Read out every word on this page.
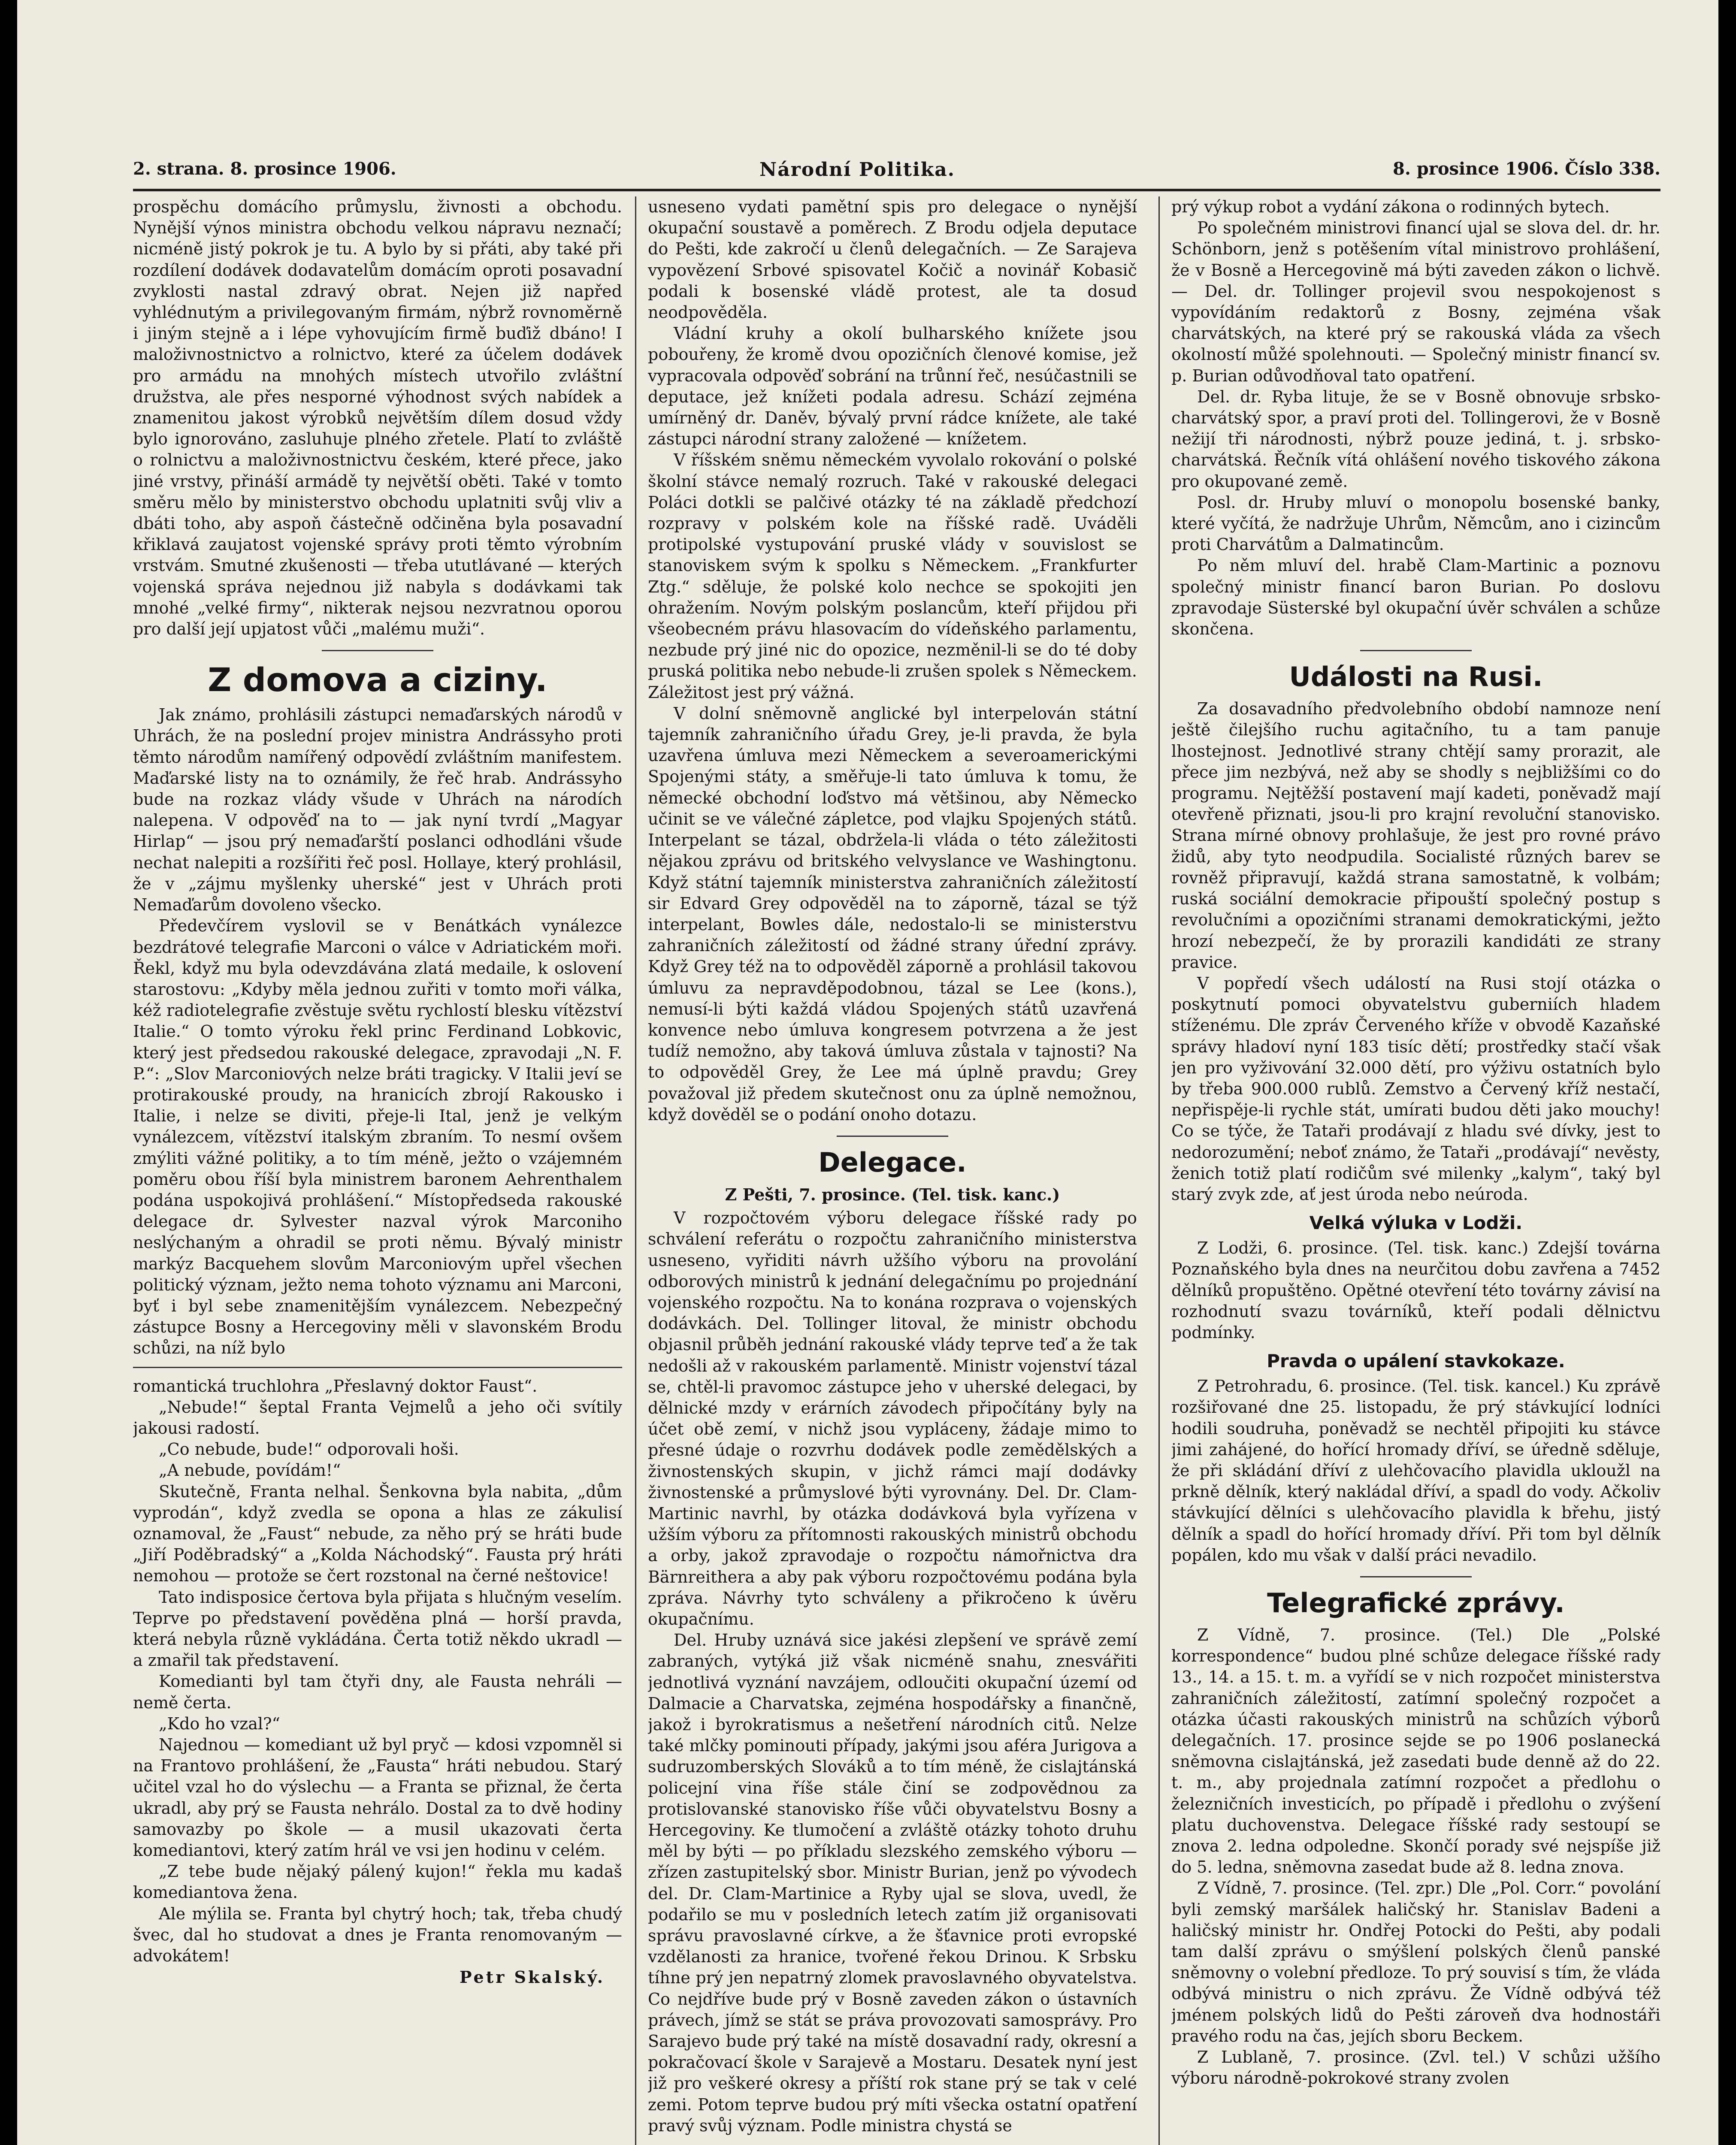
2. strana. 8. prosince 1906.	Národní Politika.	8. prosince 1906. Číslo 338.

prospěchu domácího průmyslu, živnosti a obchodu. Nynější výnos ministra obchodu velkou nápravu neznačí; nicméně jistý pokrok je tu. A bylo by si přáti, aby také při rozdílení dodávek dodavatelům domácím oproti posavadní zvyklosti nastal zdravý obrat. Nejen již napřed vyhlédnutým a privilegovaným firmám, nýbrž rovnoměrně i jiným stejně a i lépe vyhovujícím firmě buďiž dbáno! I maloživnostnictvo a rolnictvo, které za účelem dodávek pro armádu na mnohých místech utvořilo zvláštní družstva, ale přes nesporné výhodnost svých nabídek a znamenitou jakost výrobků největším dílem dosud vždy bylo ignorováno, zasluhuje plného zřetele. Platí to zvláště o rolnictvu a maloživnostnictvu českém, které přece, jako jiné vrstvy, přináší armádě ty největší oběti. Také v tomto směru mělo by ministerstvo obchodu uplatniti svůj vliv a dbáti toho, aby aspoň částečně odčiněna byla posavadní křiklavá zaujatost vojenské správy proti těmto výrobním vrstvám. Smutné zkušenosti — třeba ututlávané — kterých vojenská správa nejednou již nabyla s dodávkami tak mnohé „velké firmy“, nikterak nejsou nezvratnou oporou pro další její upjatost vůči „malému muži“.

Z domova a ciziny.

Jak známo, prohlásili zástupci nemaďarských národů v Uhrách, že na poslední projev ministra Andrássyho proti těmto národům namířený odpovědí zvláštním manifestem. Maďarské listy na to oznámily, že řeč hrab. Andrássyho bude na rozkaz vlády všude v Uhrách na národích nalepena. V odpověď na to — jak nyní tvrdí „Magyar Hirlap“ — jsou prý nemaďarští poslanci odhodláni všude nechat nalepiti a rozšířiti řeč posl. Hollaye, který prohlásil, že v „zájmu myšlenky uherské“ jest v Uhrách proti Nemaďarům dovoleno všecko.

Předevčírem vyslovil se v Benátkách vynálezce bezdrátové telegrafie Marconi o válce v Adriatickém moři. Řekl, když mu byla odevzdávána zlatá medaile, k oslovení starostovu: „Kdyby měla jednou zuřiti v tomto moři válka, kéž radiotelegrafie zvěstuje světu rychlostí blesku vítězství Italie.“ O tomto výroku řekl princ Ferdinand Lobkovic, který jest předsedou rakouské delegace, zpravodaji „N. F. P.“: „Slov Marconiových nelze bráti tragicky. V Italii jeví se protirakouské proudy, na hranicích zbrojí Rakousko i Italie, i nelze se diviti, přeje-li Ital, jenž je velkým vynálezcem, vítězství italským zbraním. To nesmí ovšem zmýliti vážné politiky, a to tím méně, ježto o vzájemném poměru obou říší byla ministrem baronem Aehrenthalem podána uspokojivá prohlášení.“ Místopředseda rakouské delegace dr. Sylvester nazval výrok Marconiho neslýchaným a ohradil se proti němu. Bývalý ministr markýz Bacquehem slovům Marconiovým upřel všechen politický význam, ježto nema tohoto významu ani Marconi, byť i byl sebe znamenitějším vynálezcem. Nebezpečný zástupce Bosny a Hercegoviny měli v slavonském Brodu schůzi, na níž bylo

romantická truchlohra „Přeslavný doktor Faust“.

„Nebude!“ šeptal Franta Vejmelů a jeho oči svítily jakousi radostí.

„Co nebude, bude!“ odporovali hoši.

„A nebude, povídám!“

Skutečně, Franta nelhal. Šenkovna byla nabita, „dům vyprodán“, když zvedla se opona a hlas ze zákulisí oznamoval, že „Faust“ nebude, za něho prý se hráti bude „Jiří Poděbradský“ a „Kolda Náchodský“. Fausta prý hráti nemohou — protože se čert rozstonal na černé neštovice!

Tato indisposice čertova byla přijata s hlučným veselím. Teprve po představení pověděna plná — horší pravda, která nebyla různě vykládána. Čerta totiž někdo ukradl — a zmařil tak představení.

Komedianti byl tam čtyři dny, ale Fausta nehráli — nemě čerta.

„Kdo ho vzal?“

Najednou — komediant už byl pryč — kdosi vzpomněl si na Frantovo prohlášení, že „Fausta“ hráti nebudou. Starý učitel vzal ho do výslechu — a Franta se přiznal, že čerta ukradl, aby prý se Fausta nehrálo. Dostal za to dvě hodiny samovazby po škole — a musil ukazovati čerta komediantovi, který zatím hrál ve vsi jen hodinu v celém.

„Z tebe bude nějaký pálený kujon!“ řekla mu kadaš komediantova žena.

Ale mýlila se. Franta byl chytrý hoch; tak, třeba chudý švec, dal ho studovat a dnes je Franta renomovaným — advokátem!

Petr Skalský.

usneseno vydati pamětní spis pro delegace o nynější okupační soustavě a poměrech. Z Brodu odjela deputace do Pešti, kde zakročí u členů delegačních. — Ze Sarajeva vypovězení Srbové spisovatel Kočič a novinář Kobasič podali k bosenské vládě protest, ale ta dosud neodpověděla.

Vládní kruhy a okolí bulharského knížete jsou pobouřeny, že kromě dvou opozičních členové komise, jež vypracovala odpověď sobrání na trůnní řeč, nesúčastnili se deputace, jež knížeti podala adresu. Schází zejména umírněný dr. Daněv, bývalý první rádce knížete, ale také zástupci národní strany založené — knížetem.

V říšském sněmu německém vyvolalo rokování o polské školní stávce nemalý rozruch. Také v rakouské delegaci Poláci dotkli se palčivé otázky té na základě předchozí rozpravy v polském kole na říšské radě. Uváděli protipolské vystupování pruské vlády v souvislost se stanoviskem svým k spolku s Německem. „Frankfurter Ztg.“ sděluje, že polské kolo nechce se spokojiti jen ohražením. Novým polským poslancům, kteří přijdou při všeobecném právu hlasovacím do vídeňského parlamentu, nezbude prý jiné nic do opozice, nezměnil-li se do té doby pruská politika nebo nebude-li zrušen spolek s Německem. Záležitost jest prý vážná.

V dolní sněmovně anglické byl interpelován státní tajemník zahraničního úřadu Grey, je-li pravda, že byla uzavřena úmluva mezi Německem a severoamerickými Spojenými státy, a směřuje-li tato úmluva k tomu, že německé obchodní loďstvo má většinou, aby Německo učinit se ve válečné zápletce, pod vlajku Spojených států. Interpelant se tázal, obdržela-li vláda o této záležitosti nějakou zprávu od britského velvyslance ve Washingtonu. Když státní tajemník ministerstva zahraničních záležitostí sir Edvard Grey odpověděl na to záporně, tázal se týž interpelant, Bowles dále, nedostalo-li se ministerstvu zahraničních záležitostí od žádné strany úřední zprávy. Když Grey též na to odpověděl záporně a prohlásil takovou úmluvu za nepravděpodobnou, tázal se Lee (kons.), nemusí-li býti každá vládou Spojených států uzavřená konvence nebo úmluva kongresem potvrzena a že jest tudíž nemožno, aby taková úmluva zůstala v tajnosti? Na to odpověděl Grey, že Lee má úplně pravdu; Grey považoval již předem skutečnost onu za úplně nemožnou, když dověděl se o podání onoho dotazu.

Delegace.

Z Pešti, 7. prosince. (Tel. tisk. kanc.)

V rozpočtovém výboru delegace říšské rady po schválení referátu o rozpočtu zahraničního ministerstva usneseno, vyřiditi návrh užšího výboru na provolání odborových ministrů k jednání delegačnímu po projednání vojenského rozpočtu. Na to konána rozprava o vojenských dodávkách. Del. Tollinger litoval, že ministr obchodu objasnil průběh jednání rakouské vlády teprve teď a že tak nedošli až v rakouském parlamentě. Ministr vojenství tázal se, chtěl-li pravomoc zástupce jeho v uherské delegaci, by dělnické mzdy v erárních závodech připočítány byly na účet obě zemí, v nichž jsou vypláceny, žádaje mimo to přesné údaje o rozvrhu dodávek podle zemědělských a živnostenských skupin, v jichž rámci mají dodávky živnostenské a průmyslové býti vyrovnány. Del. Dr. Clam-Martinic navrhl, by otázka dodávková byla vyřízena v užším výboru za přítomnosti rakouských ministrů obchodu a orby, jakož zpravodaje o rozpočtu námořnictva dra Bärnreithera a aby pak výboru rozpočtovému podána byla zpráva. Návrhy tyto schváleny a přikročeno k úvěru okupačnímu.

Del. Hruby uznává sice jakési zlepšení ve správě zemí zabraných, vytýká již však nicméně snahu, znesvářiti jednotlivá vyznání navzájem, odloučiti okupační území od Dalmacie a Charvatska, zejména hospodářsky a finančně, jakož i byrokratismus a nešetření národních citů. Nelze také mlčky pominouti případy, jakými jsou aféra Jurigova a sudruzomberských Slováků a to tím méně, že cislajtánská policejní vina říše stále činí se zodpovědnou za protislovanské stanovisko říše vůči obyvatelstvu Bosny a Hercegoviny. Ke tlumočení a zvláště otázky tohoto druhu měl by býti — po příkladu slezského zemského výboru — zřízen zastupitelský sbor. Ministr Burian, jenž po vývodech del. Dr. Clam-Martinice a Ryby ujal se slova, uvedl, že podařilo se mu v posledních letech zatím již organisovati správu pravoslavné církve, a že šťavnice proti evropské vzdělanosti za hranice, tvořené řekou Drinou. K Srbsku tíhne prý jen nepatrný zlomek pravoslavného obyvatelstva. Co nejdříve bude prý v Bosně zaveden zákon o ústavních právech, jímž se stát se práva provozovati samosprávy. Pro Sarajevo bude prý také na místě dosavadní rady, okresní a pokračovací škole v Sarajevě a Mostaru. Desatek nyní jest již pro veškeré okresy a příští rok stane prý se tak v celé zemi. Potom teprve budou prý míti všecka ostatní opatření pravý svůj význam. Podle ministra chystá se

prý výkup robot a vydání zákona o rodinných bytech.

Po společném ministrovi financí ujal se slova del. dr. hr. Schönborn, jenž s potěšením vítal ministrovo prohlášení, že v Bosně a Hercegovině má býti zaveden zákon o lichvě. — Del. dr. Tollinger projevil svou nespokojenost s vypovídáním redaktorů z Bosny, zejména však charvátských, na které prý se rakouská vláda za všech okolností můžé spolehnouti. — Společný ministr financí sv. p. Burian odůvodňoval tato opatření.

Del. dr. Ryba lituje, že se v Bosně obnovuje srbsko-charvátský spor, a praví proti del. Tollingerovi, že v Bosně nežijí tři národnosti, nýbrž pouze jediná, t. j. srbsko-charvátská. Řečník vítá ohlášení nového tiskového zákona pro okupované země.

Posl. dr. Hruby mluví o monopolu bosenské banky, které vyčítá, že nadržuje Uhrům, Němcům, ano i cizincům proti Charvátům a Dalmatincům.

Po něm mluví del. hrabě Clam-Martinic a poznovu společný ministr financí baron Burian. Po doslovu zpravodaje Süsterské byl okupační úvěr schválen a schůze skončena.

Události na Rusi.

Za dosavadního předvolebního období namnoze není ještě čilejšího ruchu agitačního, tu a tam panuje lhostejnost. Jednotlivé strany chtějí samy prorazit, ale přece jim nezbývá, než aby se shodly s nejbližšími co do programu. Nejtěžší postavení mají kadeti, poněvadž mají otevřeně přiznati, jsou-li pro krajní revoluční stanovisko. Strana mírné obnovy prohlašuje, že jest pro rovné právo židů, aby tyto neodpudila. Socialisté různých barev se rovněž připravují, každá strana samostatně, k volbám; ruská sociální demokracie připouští společný postup s revolučními a opozičními stranami demokratickými, ježto hrozí nebezpečí, že by prorazili kandidáti ze strany pravice.

V popředí všech událostí na Rusi stojí otázka o poskytnutí pomoci obyvatelstvu guberniích hladem stíženému. Dle zpráv Červeného kříže v obvodě Kazaňské správy hladoví nyní 183 tisíc dětí; prostředky stačí však jen pro vyživování 32.000 dětí, pro výživu ostatních bylo by třeba 900.000 rublů. Zemstvo a Červený kříž nestačí, nepřispěje-li rychle stát, umírati budou děti jako mouchy! Co se týče, že Tataři prodávají z hladu své dívky, jest to nedorozumění; neboť známo, že Tataři „prodávají“ nevěsty, ženich totiž platí rodičům své milenky „kalym“, taký byl starý zvyk zde, ať jest úroda nebo neúroda.

Velká výluka v Lodži.

Z Lodži, 6. prosince. (Tel. tisk. kanc.) Zdejší továrna Poznaňského byla dnes na neurčitou dobu zavřena a 7452 dělníků propuštěno. Opětné otevření této továrny závisí na rozhodnutí svazu továrníků, kteří podali dělnictvu podmínky.

Pravda o upálení stavkokaze.

Z Petrohradu, 6. prosince. (Tel. tisk. kancel.) Ku zprávě rozšiřované dne 25. listopadu, že prý stávkující lodníci hodili soudruha, poněvadž se nechtěl připojiti ku stávce jimi zahájené, do hořící hromady dříví, se úředně sděluje, že při skládání dříví z ulehčovacího plavidla ukloužl na prkně dělník, který nakládal dříví, a spadl do vody. Ačkoliv stávkující dělníci s ulehčovacího plavidla k břehu, jistý dělník a spadl do hořící hromady dříví. Při tom byl dělník popálen, kdo mu však v další práci nevadilo.

Telegrafické zprávy.

Z Vídně, 7. prosince. (Tel.) Dle „Polské korrespondence“ budou plné schůze delegace říšské rady 13., 14. a 15. t. m. a vyřídí se v nich rozpočet ministerstva zahraničních záležitostí, zatímní společný rozpočet a otázka účasti rakouských ministrů na schůzích výborů delegačních. 17. prosince sejde se po 1906 poslanecká sněmovna cislajtánská, jež zasedati bude denně až do 22. t. m., aby projednala zatímní rozpočet a předlohu o železničních investicích, po případě i předlohu o zvýšení platu duchovenstva. Delegace říšské rady sestoupí se znova 2. ledna odpoledne. Skončí porady své nejspíše již do 5. ledna, sněmovna zasedat bude až 8. ledna znova.

Z Vídně, 7. prosince. (Tel. zpr.) Dle „Pol. Corr.“ povolání byli zemský maršálek haličský hr. Stanislav Badeni a haličský ministr hr. Ondřej Potocki do Pešti, aby podali tam další zprávu o smýšlení polských členů panské sněmovny o volební předloze. To prý souvisí s tím, že vláda odbývá ministru o nich zprávu. Že Vídně odbývá též jménem polských lidů do Pešti zároveň dva hodnostáři pravého rodu na čas, jejích sboru Beckem.

Z Lublaně, 7. prosince. (Zvl. tel.) V schůzi užšího výboru národně-pokrokové strany zvolen
